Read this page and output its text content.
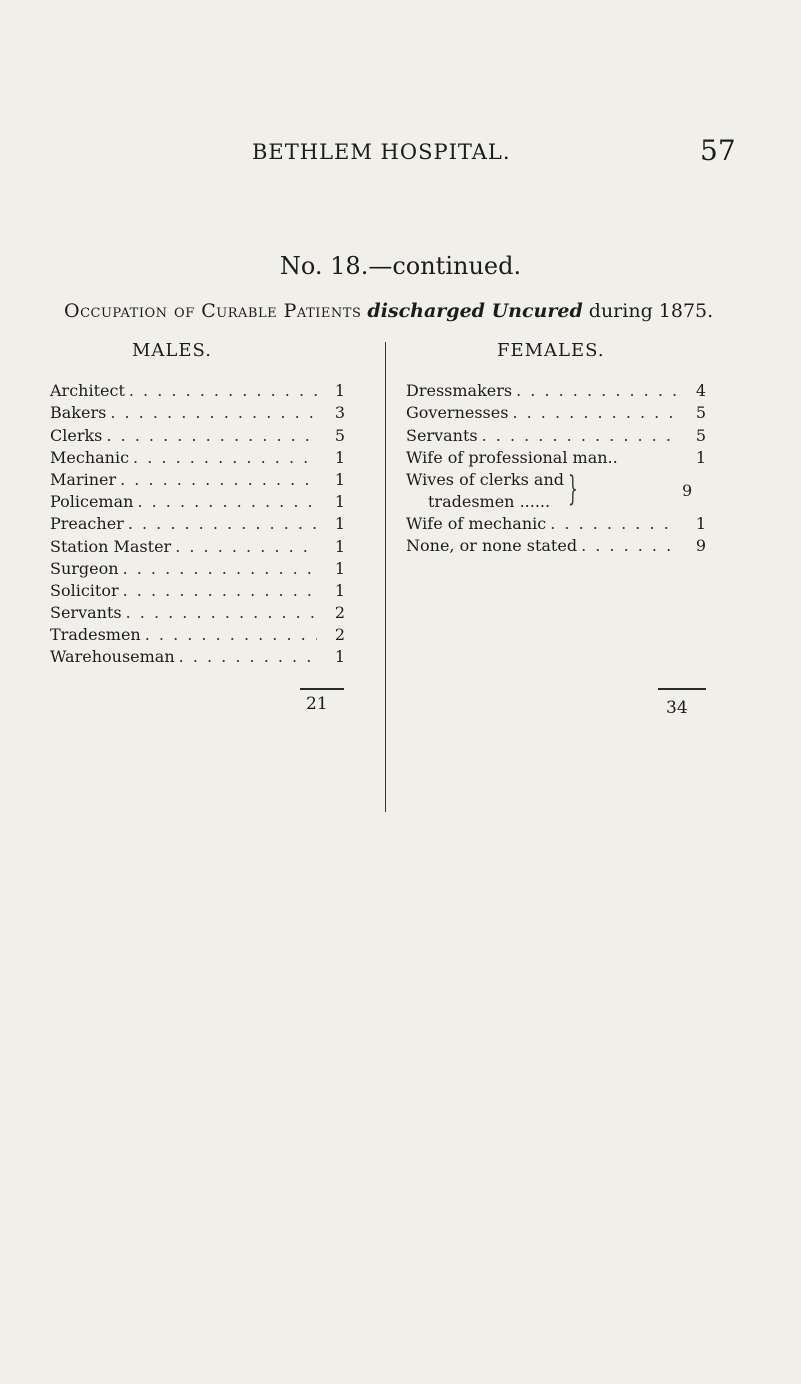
BETHLEM HOSPITAL.	57
No. 18.—continued.
Occupation of Curable Patients discharged Uncured during 1875.
MALES.	FEMALES.
Architect . . .	1
Bakers . . .	3
Clerks . . .	5
Mechanic . . .	1
Mariner . . .	1
Policeman . . .	1
Preacher . . .	1
Station Master . . .	1
Surgeon . . .	1
Solicitor . . .	1
Servants . . .	2
Tradesmen . . .	2
Warehouseman . . .	1
21
Dressmakers . . .	4
Governesses . . .	5
Servants . . .	5
Wife of professional man..	1
Wives of clerks and
tradesmen ...... }	9
Wife of mechanic . . .	1
None, or none stated . . .	9
34
